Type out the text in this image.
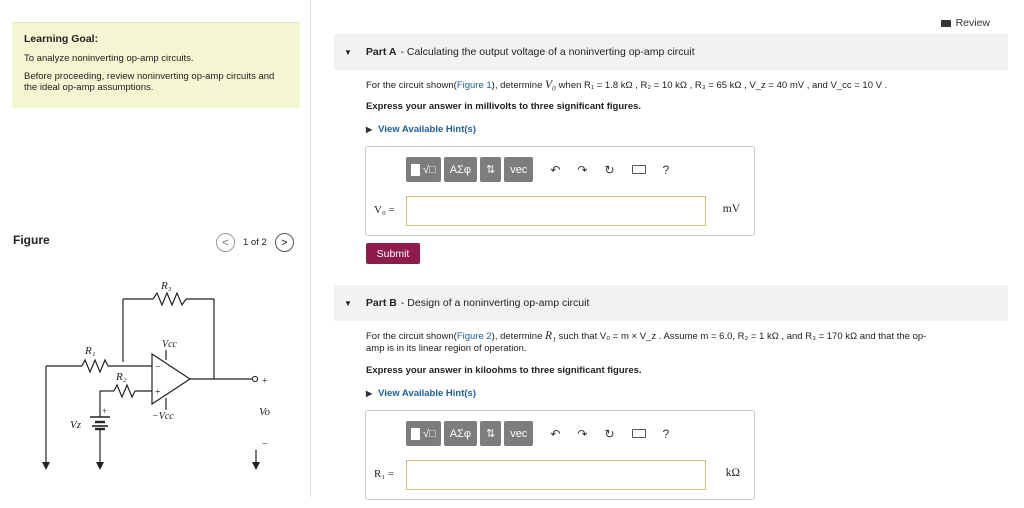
Learning Goal:

To analyze noninverting op-amp circuits.

Before proceeding, review noninverting op-amp circuits and the ideal op-amp assumptions.

Figure	<	1 of 2	>
−
+
R₃
R₁
R₂
Vcc
−Vcc
Vz
Vo
+
−
+
Review
▼ Part A - Calculating the output voltage of a noninverting op-amp circuit
For the circuit shown(Figure 1), determine V₀ when R₁ = 1.8 kΩ , R₂ = 10 kΩ , R₃ = 65 kΩ , V_z = 40 mV , and V_cc = 10 V .
Express your answer in millivolts to three significant figures.
▶ View Available Hint(s)
√□	AΣφ	⇅	vec	↶ ↷ ↻	?
V₀ =	mV
Submit
▼ Part B - Design of a noninverting op-amp circuit
For the circuit shown(Figure 2), determine R₁ such that V₀ = m × V_z . Assume m = 6.0, R₂ = 1 kΩ , and R₃ = 170 kΩ and that the op-
amp is in its linear region of operation.
Express your answer in kiloohms to three significant figures.
▶ View Available Hint(s)
√□	AΣφ	⇅	vec	↶ ↷ ↻	?
R₁ =	kΩ
